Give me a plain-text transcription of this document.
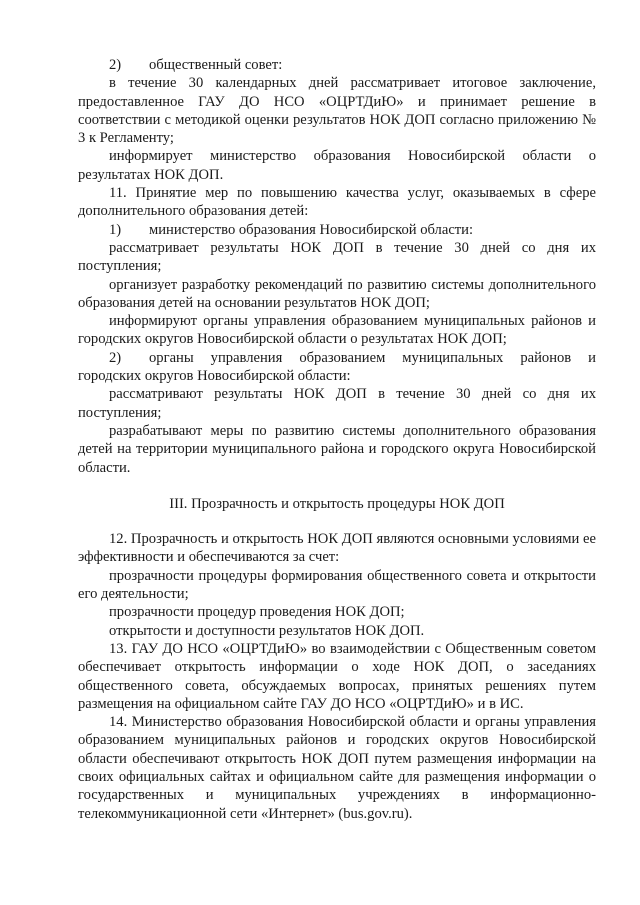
2) общественный совет:

в течение 30 календарных дней рассматривает итоговое заключение, предоставленное ГАУ ДО НСО «ОЦРТДиЮ» и принимает решение в соответствии с методикой оценки результатов НОК ДОП согласно приложению № 3 к Регламенту;

информирует министерство образования Новосибирской области о результатах НОК ДОП.

11. Принятие мер по повышению качества услуг, оказываемых в сфере дополнительного образования детей:

1) министерство образования Новосибирской области:

рассматривает результаты НОК ДОП в течение 30 дней со дня их поступления;

организует разработку рекомендаций по развитию системы дополнительного образования детей на основании результатов НОК ДОП;

информируют органы управления образованием муниципальных районов и городских округов Новосибирской области о результатах НОК ДОП;

2) органы управления образованием муниципальных районов и городских округов Новосибирской области:

рассматривают результаты НОК ДОП в течение 30 дней со дня их поступления;

разрабатывают меры по развитию системы дополнительного образования детей на территории муниципального района и городского округа Новосибирской области.

III. Прозрачность и открытость процедуры НОК ДОП

12. Прозрачность и открытость НОК ДОП являются основными условиями ее эффективности и обеспечиваются за счет:

прозрачности процедуры формирования общественного совета и открытости его деятельности;

прозрачности процедур проведения НОК ДОП;

открытости и доступности результатов НОК ДОП.

13. ГАУ ДО НСО «ОЦРТДиЮ» во взаимодействии с Общественным советом обеспечивает открытость информации о ходе НОК ДОП, о заседаниях общественного совета, обсуждаемых вопросах, принятых решениях путем размещения на официальном сайте ГАУ ДО НСО «ОЦРТДиЮ» и в ИС.

14. Министерство образования Новосибирской области и органы управления образованием муниципальных районов и городских округов Новосибирской области обеспечивают открытость НОК ДОП путем размещения информации на своих официальных сайтах и официальном сайте для размещения информации о государственных и муниципальных учреждениях в информационно-телекоммуникационной сети «Интернет» (bus.gov.ru).
